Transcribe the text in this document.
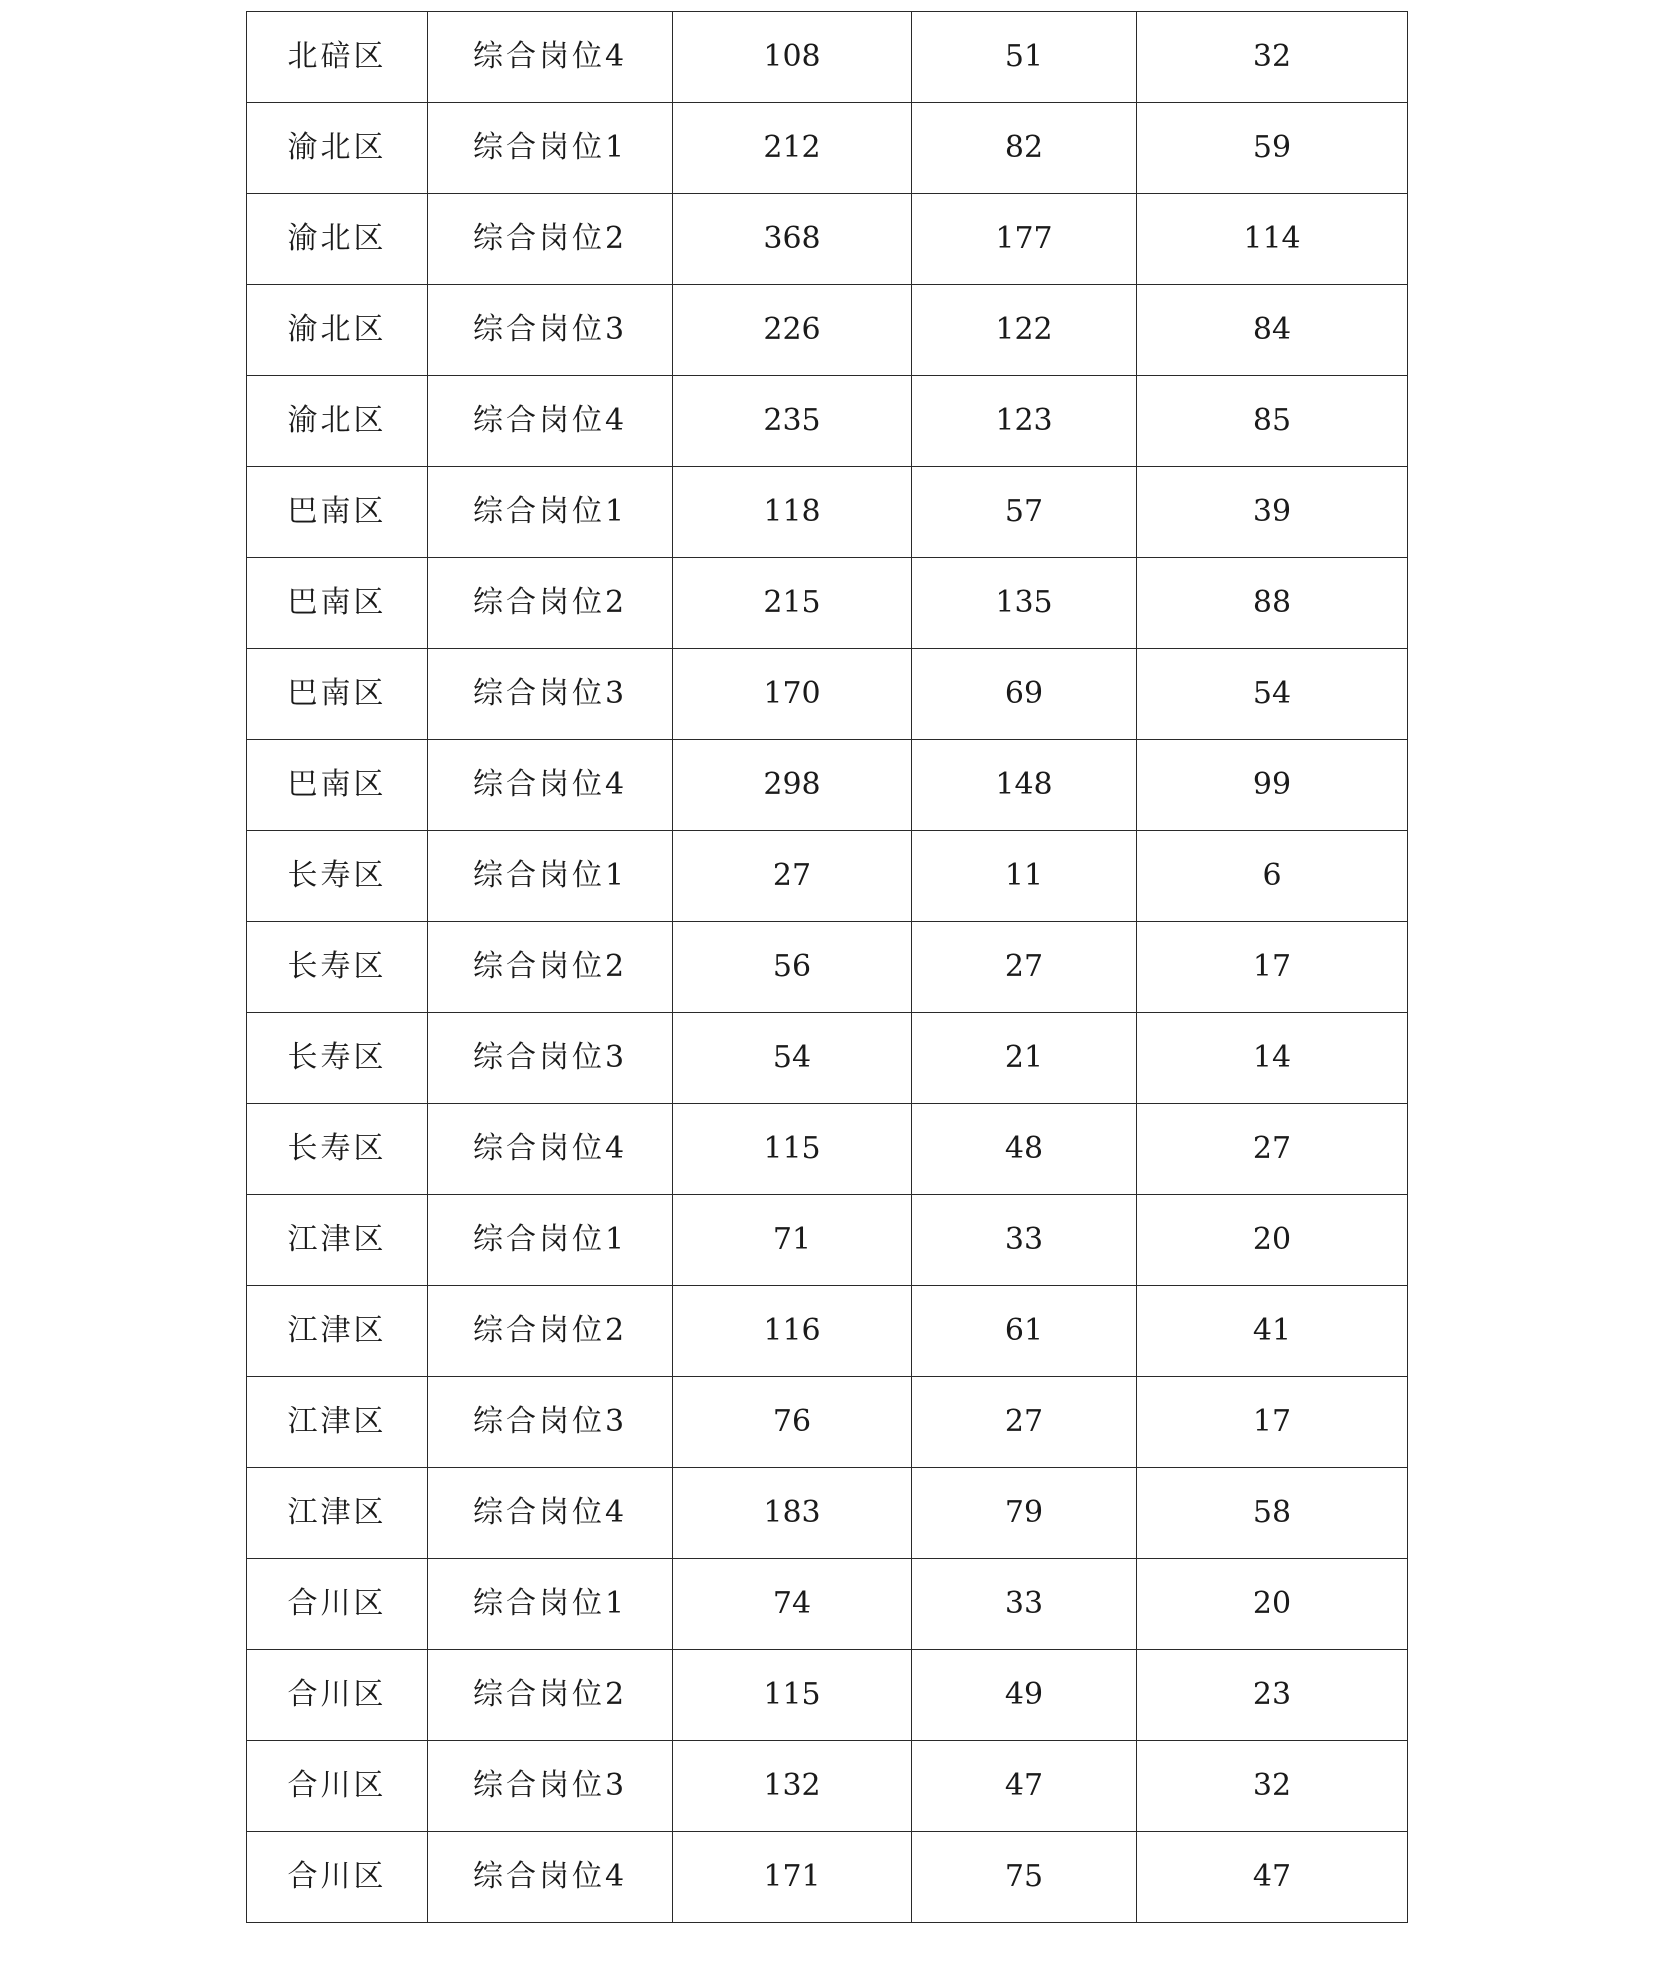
北碚区	综合岗位4	108	51	32
渝北区	综合岗位1	212	82	59
渝北区	综合岗位2	368	177	114
渝北区	综合岗位3	226	122	84
渝北区	综合岗位4	235	123	85
巴南区	综合岗位1	118	57	39
巴南区	综合岗位2	215	135	88
巴南区	综合岗位3	170	69	54
巴南区	综合岗位4	298	148	99
长寿区	综合岗位1	27	11	6
长寿区	综合岗位2	56	27	17
长寿区	综合岗位3	54	21	14
长寿区	综合岗位4	115	48	27
江津区	综合岗位1	71	33	20
江津区	综合岗位2	116	61	41
江津区	综合岗位3	76	27	17
江津区	综合岗位4	183	79	58
合川区	综合岗位1	74	33	20
合川区	综合岗位2	115	49	23
合川区	综合岗位3	132	47	32
合川区	综合岗位4	171	75	47
